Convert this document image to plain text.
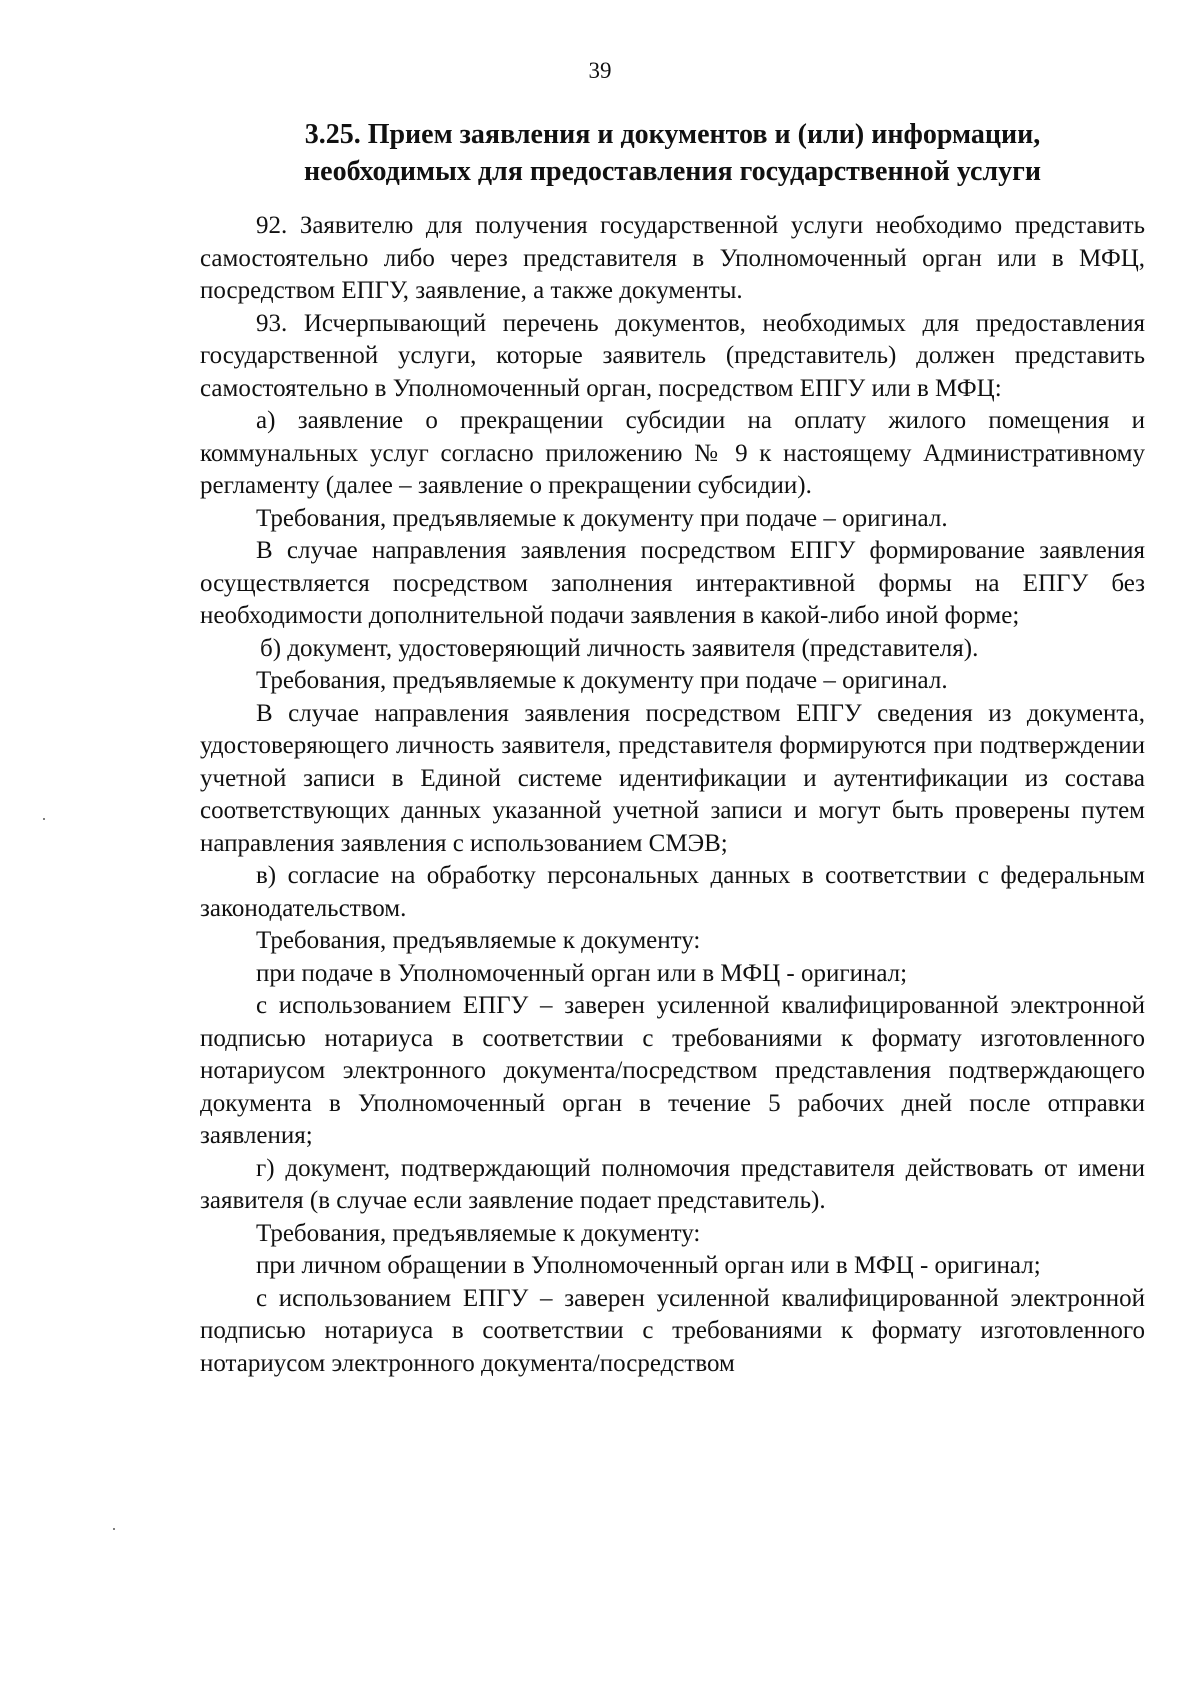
39
3.25. Прием заявления и документов и (или) информации,
необходимых для предоставления государственной услуги

92. Заявителю для получения государственной услуги необходимо представить самостоятельно либо через представителя в Уполномоченный орган или в МФЦ, посредством ЕПГУ, заявление, а также документы.

93. Исчерпывающий перечень документов, необходимых для предоставления государственной услуги, которые заявитель (представитель) должен представить самостоятельно в Уполномоченный орган, посредством ЕПГУ или в МФЦ:

а) заявление о прекращении субсидии на оплату жилого помещения и коммунальных услуг согласно приложению № 9 к настоящему Административному регламенту (далее – заявление о прекращении субсидии).

Требования, предъявляемые к документу при подаче – оригинал.

В случае направления заявления посредством ЕПГУ формирование заявления осуществляется посредством заполнения интерактивной формы на ЕПГУ без необходимости дополнительной подачи заявления в какой-либо иной форме;

б) документ, удостоверяющий личность заявителя (представителя).

Требования, предъявляемые к документу при подаче – оригинал.

В случае направления заявления посредством ЕПГУ сведения из документа, удостоверяющего личность заявителя, представителя формируются при подтверждении учетной записи в Единой системе идентификации и аутентификации из состава соответствующих данных указанной учетной записи и могут быть проверены путем направления заявления с использованием СМЭВ;

в) согласие на обработку персональных данных в соответствии с федеральным законодательством.

Требования, предъявляемые к документу:

при подаче в Уполномоченный орган или в МФЦ - оригинал;

с использованием ЕПГУ – заверен усиленной квалифицированной электронной подписью нотариуса в соответствии с требованиями к формату изготовленного нотариусом электронного документа/посредством представления подтверждающего документа в Уполномоченный орган в течение 5 рабочих дней после отправки заявления;

г) документ, подтверждающий полномочия представителя действовать от имени заявителя (в случае если заявление подает представитель).

Требования, предъявляемые к документу:

при личном обращении в Уполномоченный орган или в МФЦ - оригинал;

с использованием ЕПГУ – заверен усиленной квалифицированной электронной подписью нотариуса в соответствии с требованиями к формату изготовленного нотариусом электронного документа/посредством
